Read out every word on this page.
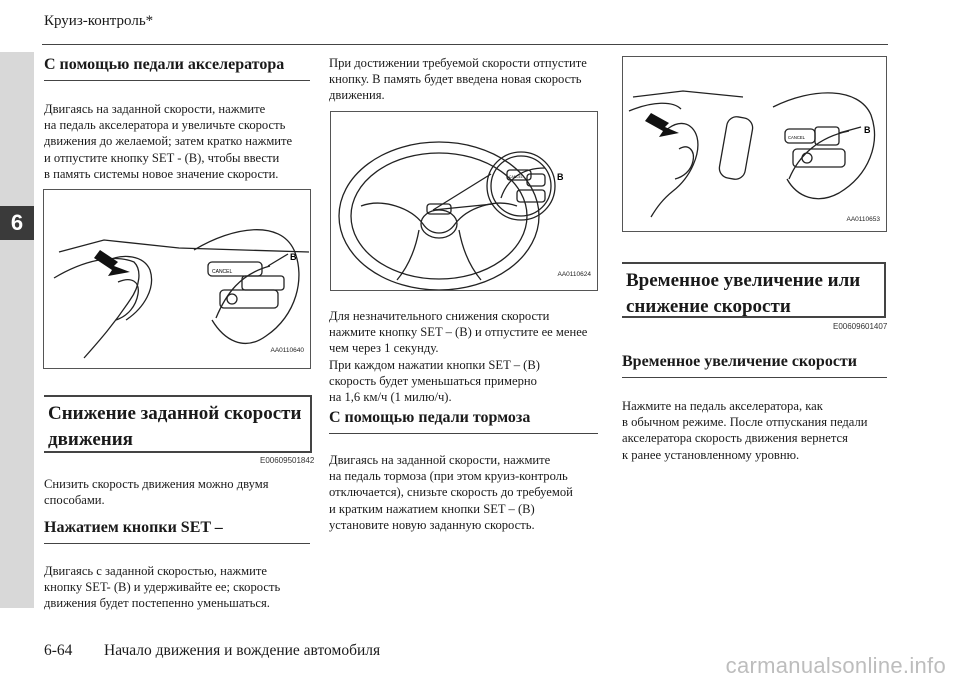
6
Круиз-контроль*
С помощью педали акселератора
Двигаясь на заданной скорости, нажмите
на педаль акселератора и увеличьте скорость
движения до желаемой; затем кратко нажмите
и отпустите кнопку SET - (B), чтобы ввести
в память системы новое значение скорости.
CANCEL
B
AA0110640
Снижение заданной скорости движения
E00609501842
Снизить скорость движения можно двумя
способами.
Нажатием кнопки SET –
Двигаясь с заданной скоростью, нажмите
кнопку SET- (B) и удерживайте ее; скорость
движения будет постепенно уменьшаться.
При достижении требуемой скорости отпустите
кнопку. В память будет введена новая скорость
движения.
CANCEL	B
AA0110624
Для незначительного снижения скорости
нажмите кнопку SET – (B) и отпустите ее менее
чем через 1 секунду.
При каждом нажатии кнопки SET – (B)
скорость будет уменьшаться примерно
на 1,6 км/ч (1 милю/ч).
С помощью педали тормоза
Двигаясь на заданной скорости, нажмите
на педаль тормоза (при этом круиз-контроль
отключается), снизьте скорость до требуемой
и кратким нажатием кнопки SET – (B)
установите новую заданную скорость.
CANCEL
B
AA0110653
Временное увеличение или снижение скорости
E00609601407
Временное увеличение скорости
Нажмите на педаль акселератора, как
в обычном режиме. После отпускания педали
акселератора скорость движения вернется
к ранее установленному уровню.
6-64 Начало движения и вождение автомобиля
carmanualsonline.info
